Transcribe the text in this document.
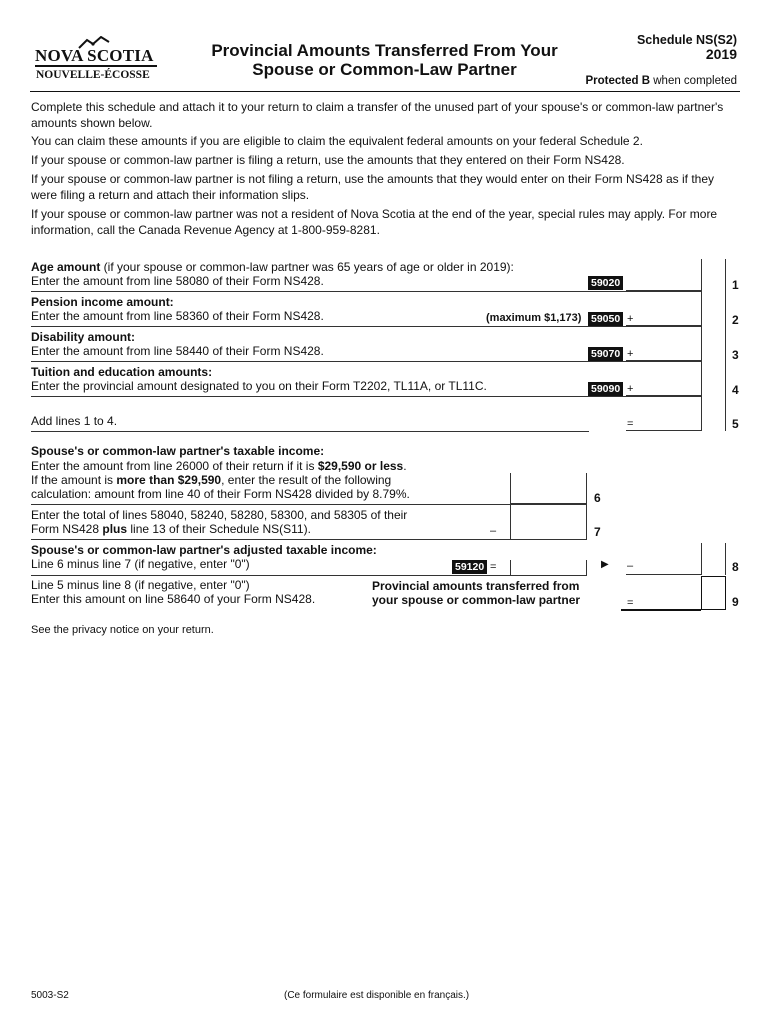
NOVA SCOTIA
NOUVELLE-ÉCOSSE
Provincial Amounts Transferred From Your
Spouse or Common-Law Partner
Schedule NS(S2)
2019
Protected B when completed
Complete this schedule and attach it to your return to claim a transfer of the unused part of your spouse's or common-law partner's amounts shown below.
You can claim these amounts if you are eligible to claim the equivalent federal amounts on your federal Schedule 2.
If your spouse or common-law partner is filing a return, use the amounts that they entered on their Form NS428.
If your spouse or common-law partner is not filing a return, use the amounts that they would enter on their Form NS428 as if they were filing a return and attach their information slips.
If your spouse or common-law partner was not a resident of Nova Scotia at the end of the year, special rules may apply. For more information, call the Canada Revenue Agency at 1-800-959-8281.
Age amount (if your spouse or common-law partner was 65 years of age or older in 2019):
Enter the amount from line 58080 of their Form NS428.	59020	1
Pension income amount:
Enter the amount from line 58360 of their Form NS428.	(maximum $1,173) 59050 +	2
Disability amount:
Enter the amount from line 58440 of their Form NS428.	59070 +	3
Tuition and education amounts:
Enter the provincial amount designated to you on their Form T2202, TL11A, or TL11C.	59090 +	4
Add lines 1 to 4.	=	5
Spouse's or common-law partner's taxable income:
Enter the amount from line 26000 of their return if it is $29,590 or less.
If the amount is more than $29,590, enter the result of the following
calculation: amount from line 40 of their Form NS428 divided by 8.79%.	6
Enter the total of lines 58040, 58240, 58280, 58300, and 58305 of their
Form NS428 plus line 13 of their Schedule NS(S11).	–	7
Spouse's or common-law partner's adjusted taxable income:
Line 6 minus line 7 (if negative, enter "0")	59120 =	▶ –	8
Line 5 minus line 8 (if negative, enter "0")
Enter this amount on line 58640 of your Form NS428.
Provincial amounts transferred from
your spouse or common-law partner	=	9
See the privacy notice on your return.
5003-S2	(Ce formulaire est disponible en français.)
